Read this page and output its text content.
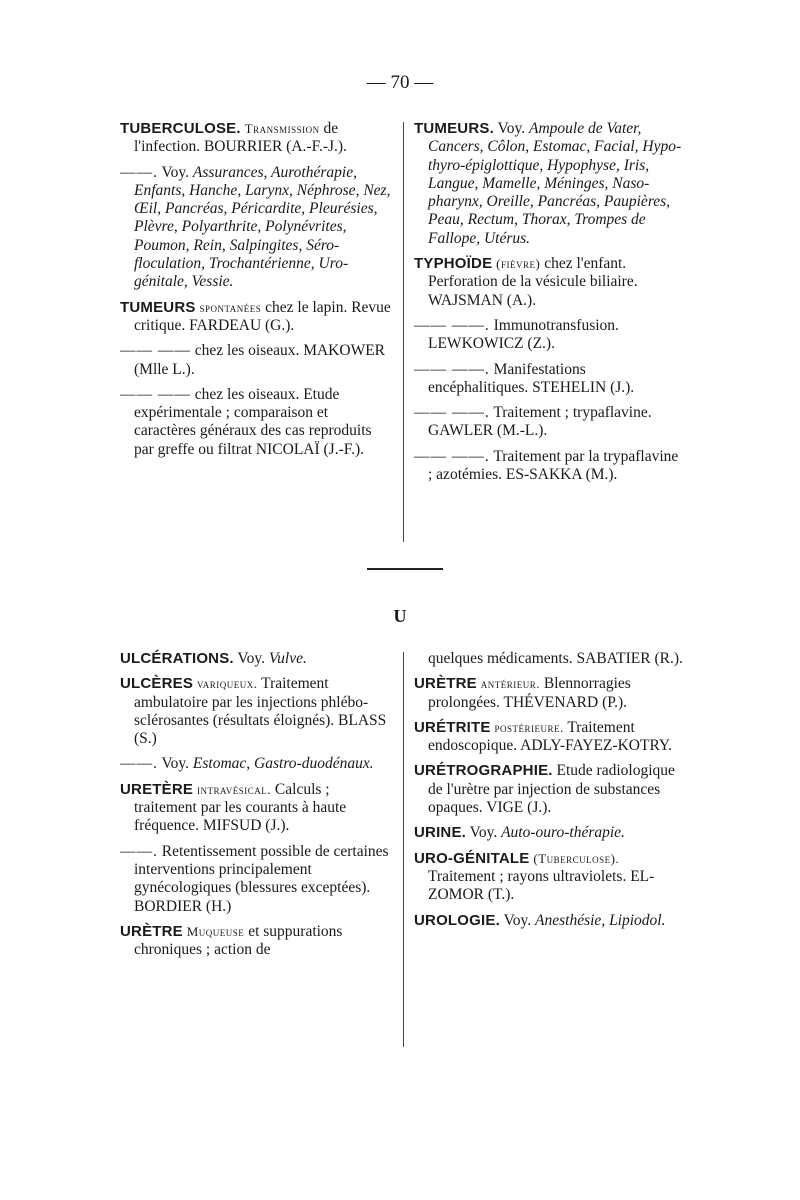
— 70 —

TUBERCULOSE. Transmission de l'infection. BOURRIER (A.-F.-J.).

——. Voy. Assurances, Aurothérapie, Enfants, Hanche, Larynx, Néphrose, Nez, Œil, Pancréas, Péricardite, Pleurésies, Plèvre, Polyarthrite, Polynévrites, Poumon, Rein, Salpingites, Séro-floculation, Trochantérienne, Uro-génitale, Vessie.

TUMEURS spontanées chez le lapin. Revue critique. FARDEAU (G.).

—— —— chez les oiseaux. MAKOWER (Mlle L.).

—— —— chez les oiseaux. Etude expérimentale ; comparaison et caractères généraux des cas reproduits par greffe ou filtrat NICOLAÏ (J.-F.).

TUMEURS. Voy. Ampoule de Vater, Cancers, Côlon, Estomac, Facial, Hypo-thyro-épiglottique, Hypophyse, Iris, Langue, Mamelle, Méninges, Naso-pharynx, Oreille, Pancréas, Paupières, Peau, Rectum, Thorax, Trompes de Fallope, Utérus.

TYPHOÏDE (fièvre) chez l'enfant. Perforation de la vésicule biliaire. WAJSMAN (A.).

—— ——. Immunotransfusion. LEWKOWICZ (Z.).

—— ——. Manifestations encéphalitiques. STEHELIN (J.).

—— ——. Traitement ; trypaflavine. GAWLER (M.-L.).

—— ——. Traitement par la trypaflavine ; azotémies. ES-SAKKA (M.).

U

ULCÉRATIONS. Voy. Vulve.

ULCÈRES variqueux. Traitement ambulatoire par les injections phlébo-sclérosantes (résultats éloignés). BLASS (S.)

——. Voy. Estomac, Gastro-duodénaux.

URETÈRE intravésical. Calculs ; traitement par les courants à haute fréquence. MIFSUD (J.).

——. Retentissement possible de certaines interventions principalement gynécologiques (blessures exceptées). BORDIER (H.)

URÈTRE Muqueuse et suppurations chroniques ; action de

quelques médicaments. SABATIER (R.).

URÈTRE antérieur. Blennorragies prolongées. THÉVENARD (P.).

URÉTRITE postérieure. Traitement endoscopique. ADLY-FAYEZ-KOTRY.

URÉTROGRAPHIE. Etude radiologique de l'urètre par injection de substances opaques. VIGE (J.).

URINE. Voy. Auto-ouro-thérapie.

URO-GÉNITALE (Tuberculose). Traitement ; rayons ultraviolets. EL-ZOMOR (T.).

UROLOGIE. Voy. Anesthésie, Lipiodol.
